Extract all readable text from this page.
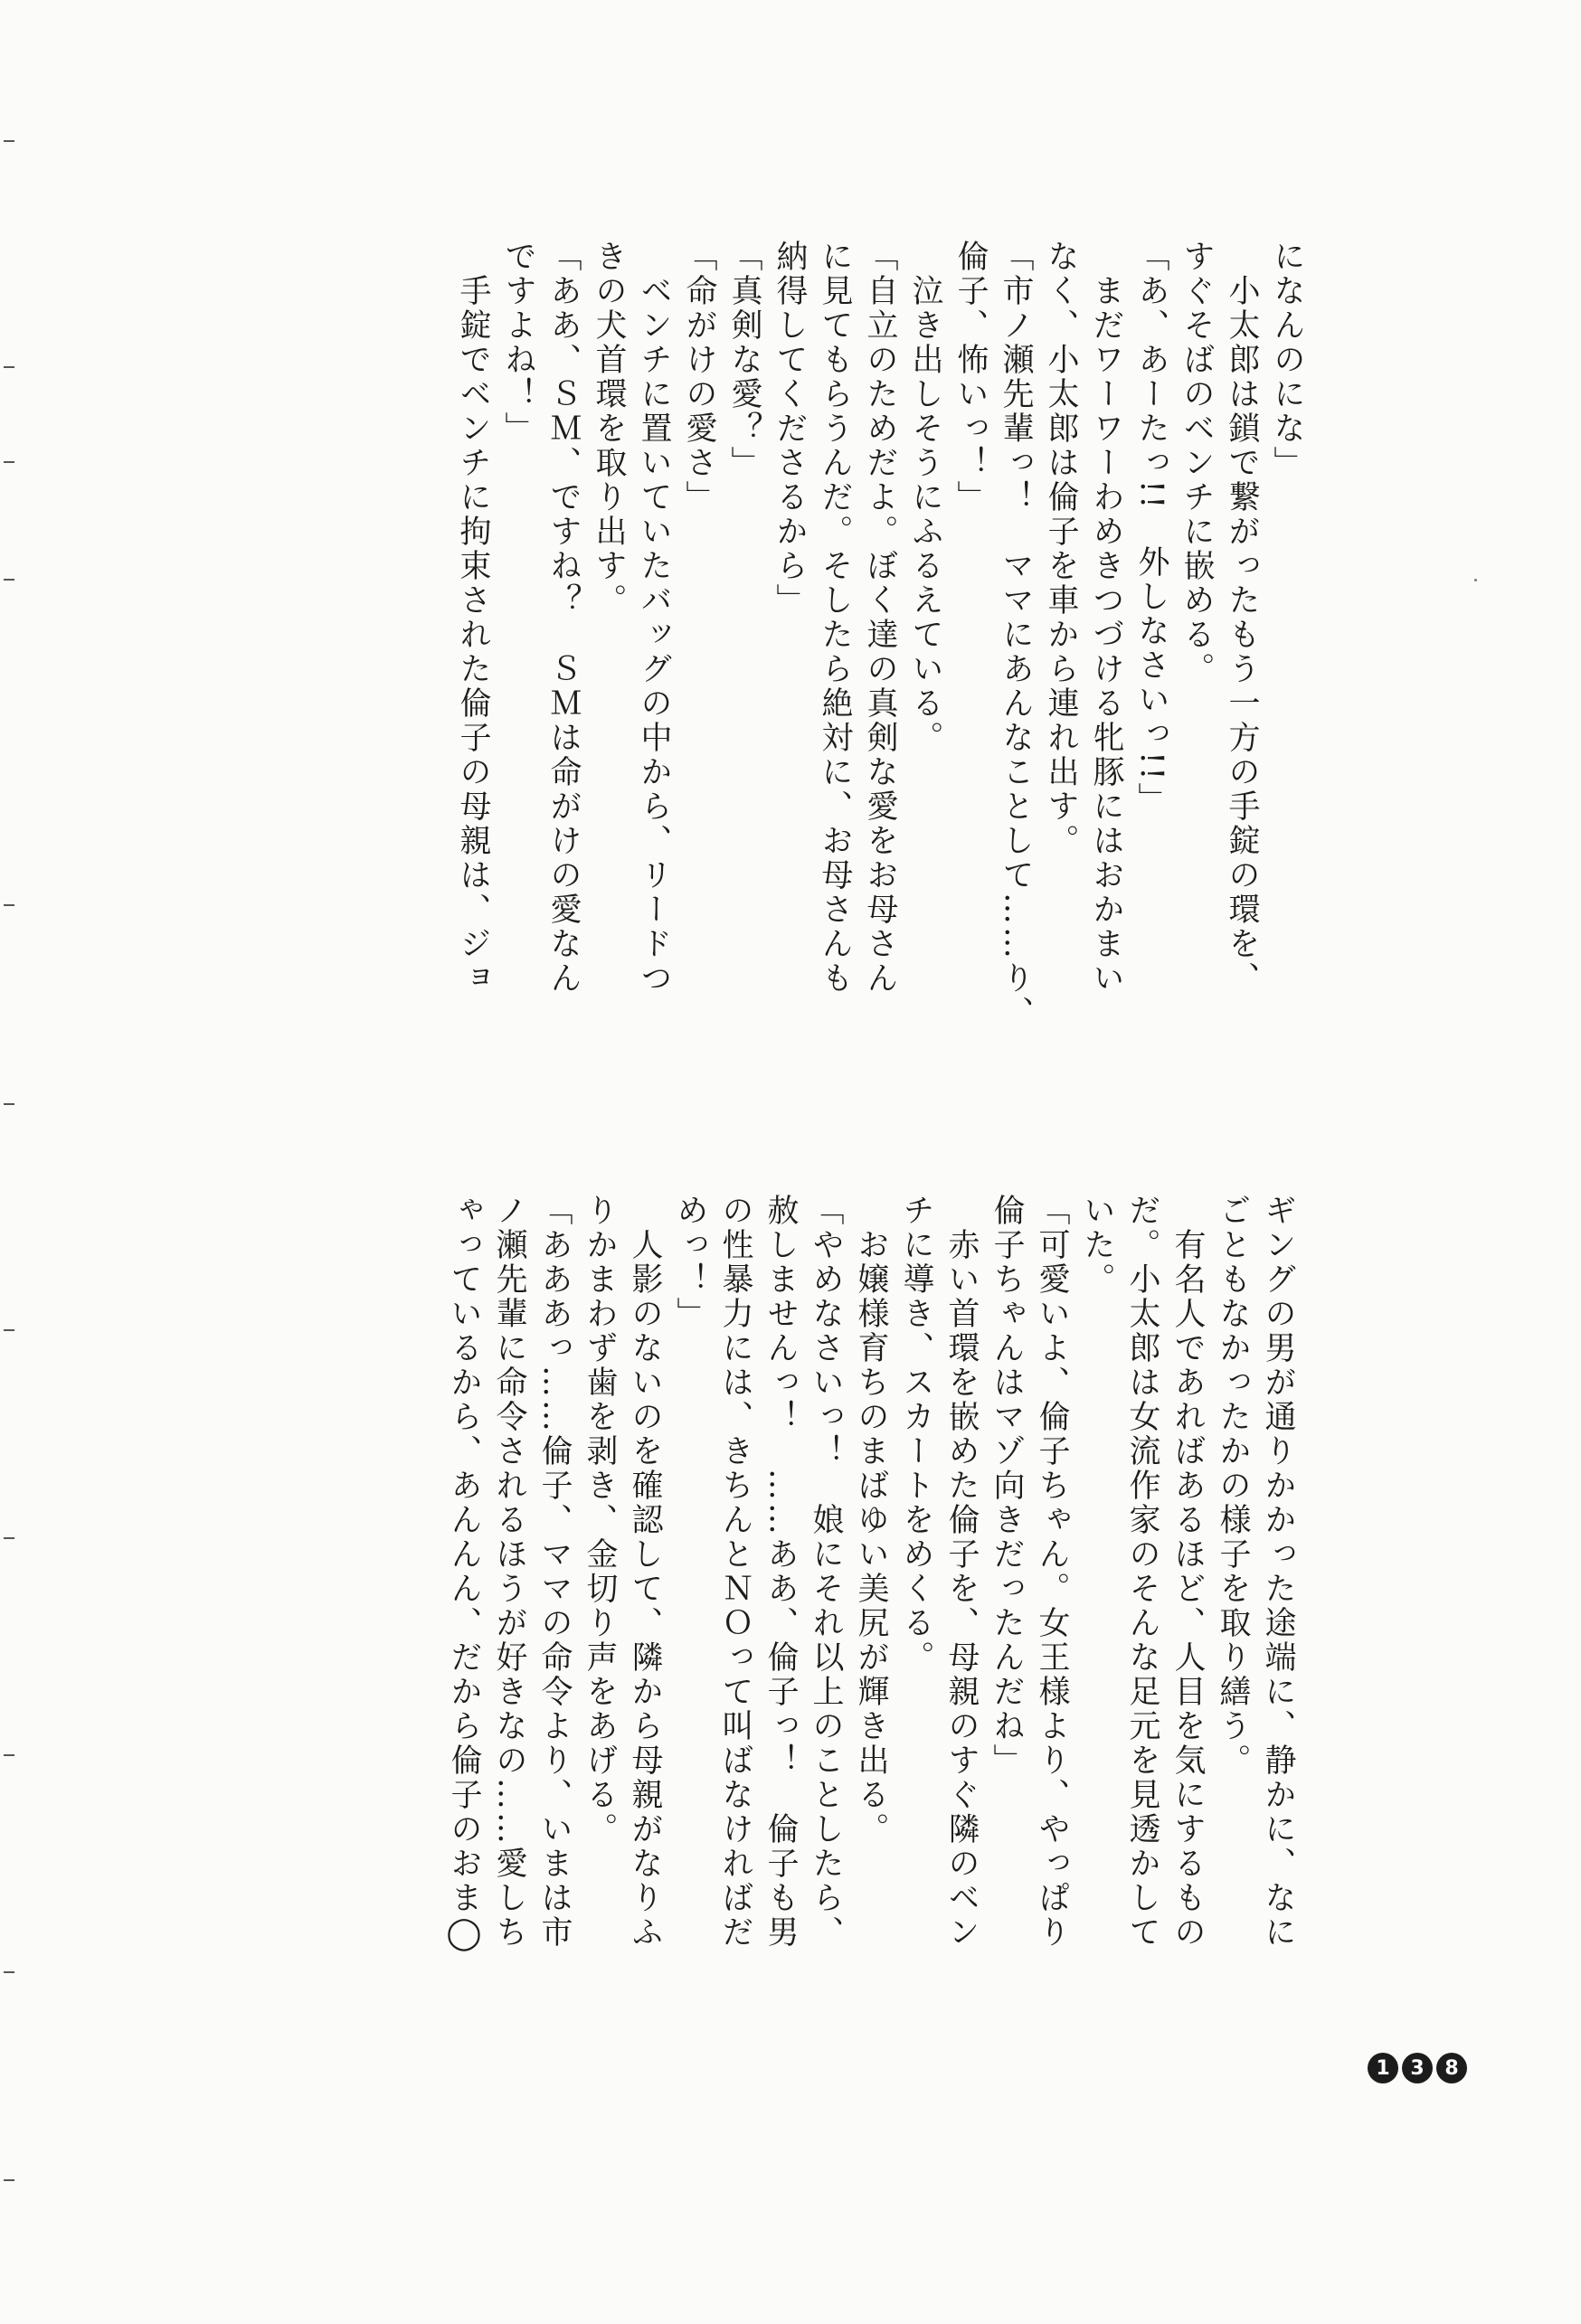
になんのにな」
　小太郎は鎖で繋がったもう一方の手錠の環を、
すぐそばのベンチに嵌める。
「あ、あーたっ!!　外しなさいっ!!」
　まだワーワーわめきつづける牝豚にはおかまい
なく、小太郎は倫子を車から連れ出す。
「市ノ瀬先輩っ！　ママにあんなことして……り、
倫子、怖いっ！」
　泣き出しそうにふるえている。
「自立のためだよ。ぼく達の真剣な愛をお母さん
に見てもらうんだ。そしたら絶対に、お母さんも
納得してくださるから」
「真剣な愛？」
「命がけの愛さ」
　ベンチに置いていたバッグの中から、リードつ
きの犬首環を取り出す。
「ああ、ＳＭ、ですね？　ＳＭは命がけの愛なん
ですよね！」
　手錠でベンチに拘束された倫子の母親は、ジョ
ギングの男が通りかかった途端に、静かに、なに
ごともなかったかの様子を取り繕う。
　有名人であればあるほど、人目を気にするもの
だ。小太郎は女流作家のそんな足元を見透かして
いた。
「可愛いよ、倫子ちゃん。女王様より、やっぱり
倫子ちゃんはマゾ向きだったんだね」
　赤い首環を嵌めた倫子を、母親のすぐ隣のベン
チに導き、スカートをめくる。
　お嬢様育ちのまばゆい美尻が輝き出る。
「やめなさいっ！　娘にそれ以上のことしたら、
赦しませんっ！　……ああ、倫子っ！　倫子も男
の性暴力には、きちんとＮＯって叫ばなければだ
めっ！」
　人影のないのを確認して、隣から母親がなりふ
りかまわず歯を剥き、金切り声をあげる。
「あああっ……倫子、ママの命令より、いまは市
ノ瀬先輩に命令されるほうが好きなの……愛しち
ゃっているから、あんんん、だから倫子のおま◯
1	3	8
